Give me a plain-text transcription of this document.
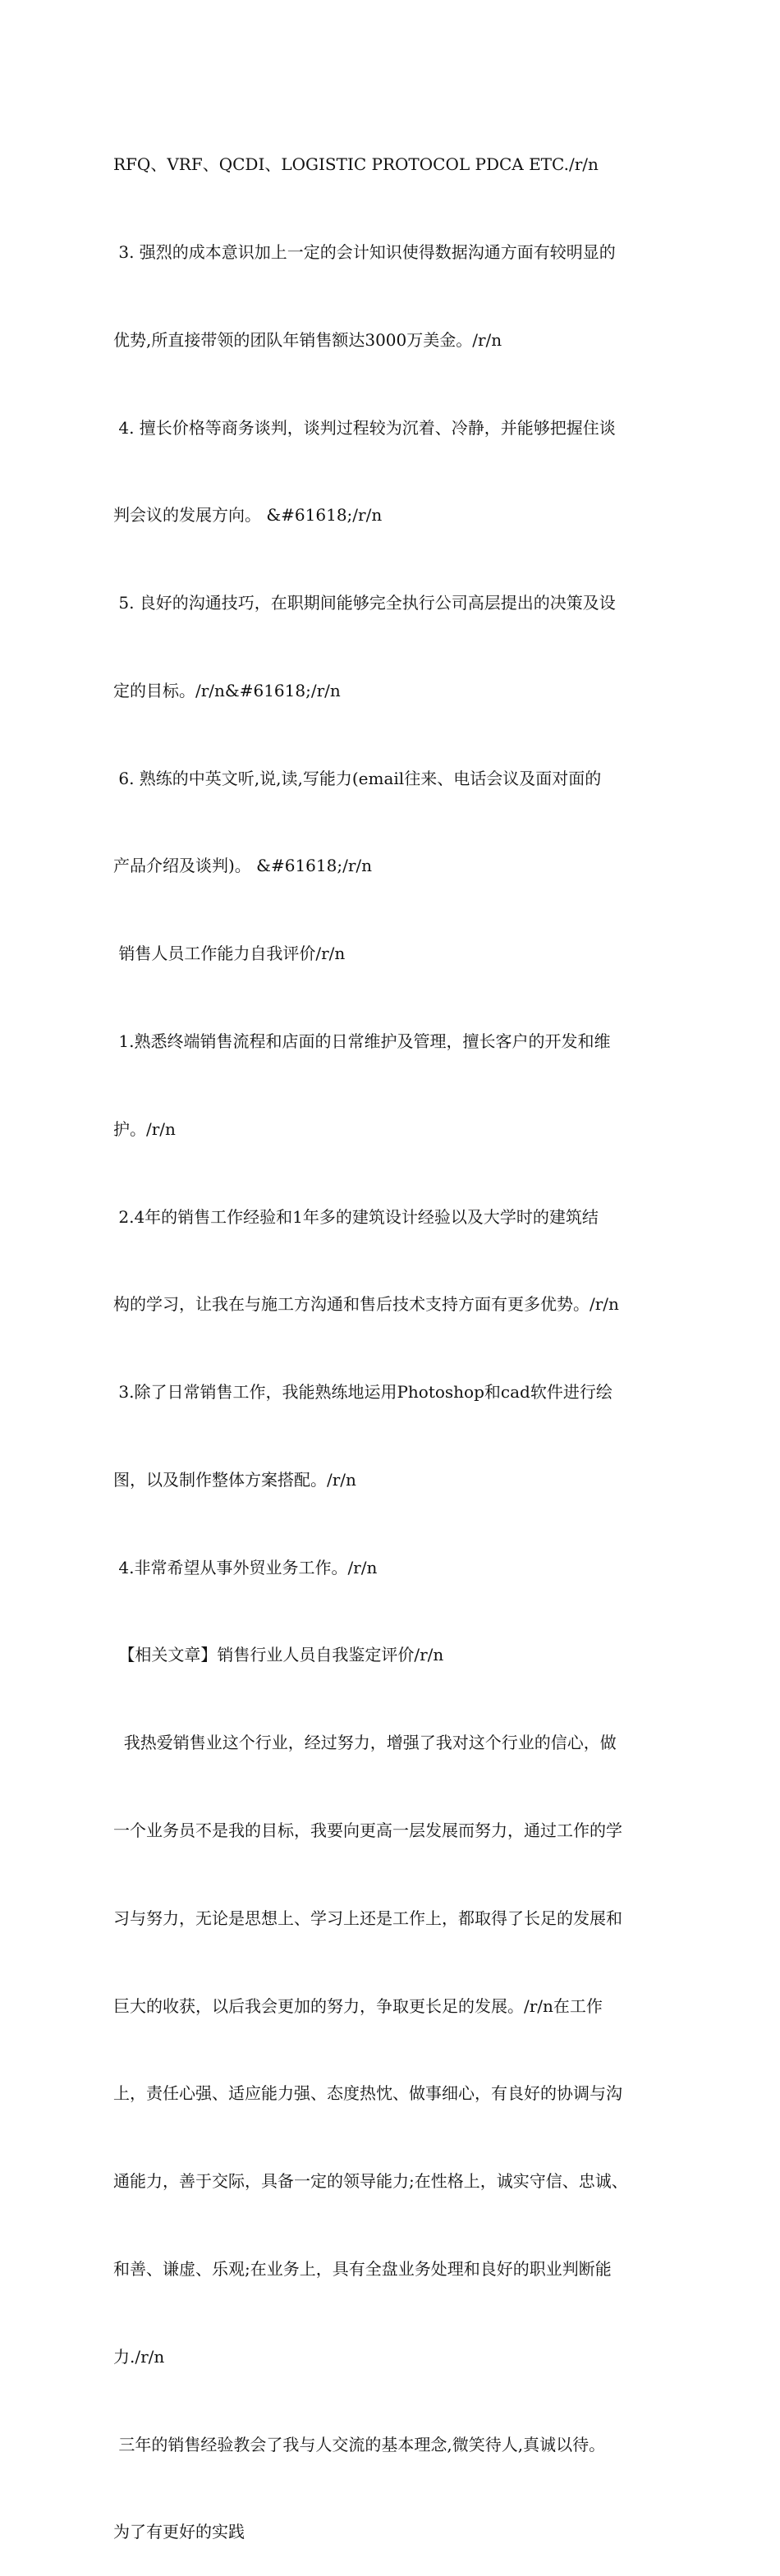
RFQ、VRF、QCDI、LOGISTIC PROTOCOL PDCA ETC./r/n

3. 强烈的成本意识加上一定的会计知识使得数据沟通方面有较明显的

优势,所直接带领的团队年销售额达3000万美金。/r/n

4. 擅长价格等商务谈判，谈判过程较为沉着、冷静，并能够把握住谈

判会议的发展方向。 &#61618;/r/n

5. 良好的沟通技巧，在职期间能够完全执行公司高层提出的决策及设

定的目标。/r/n&#61618;/r/n

6. 熟练的中英文听,说,读,写能力(email往来、电话会议及面对面的

产品介绍及谈判)。 &#61618;/r/n

销售人员工作能力自我评价/r/n

1.熟悉终端销售流程和店面的日常维护及管理，擅长客户的开发和维

护。/r/n

2.4年的销售工作经验和1年多的建筑设计经验以及大学时的建筑结

构的学习，让我在与施工方沟通和售后技术支持方面有更多优势。/r/n

3.除了日常销售工作，我能熟练地运用Photoshop和cad软件进行绘

图，以及制作整体方案搭配。/r/n

4.非常希望从事外贸业务工作。/r/n

【相关文章】销售行业人员自我鉴定评价/r/n

我热爱销售业这个行业，经过努力，增强了我对这个行业的信心，做

一个业务员不是我的目标，我要向更高一层发展而努力，通过工作的学

习与努力，无论是思想上、学习上还是工作上，都取得了长足的发展和

巨大的收获，以后我会更加的努力，争取更长足的发展。/r/n在工作

上，责任心强、适应能力强、态度热忱、做事细心，有良好的协调与沟

通能力，善于交际，具备一定的领导能力;在性格上，诚实守信、忠诚、

和善、谦虚、乐观;在业务上，具有全盘业务处理和良好的职业判断能

力./r/n

三年的销售经验教会了我与人交流的基本理念,微笑待人,真诚以待。

为了有更好的实践
